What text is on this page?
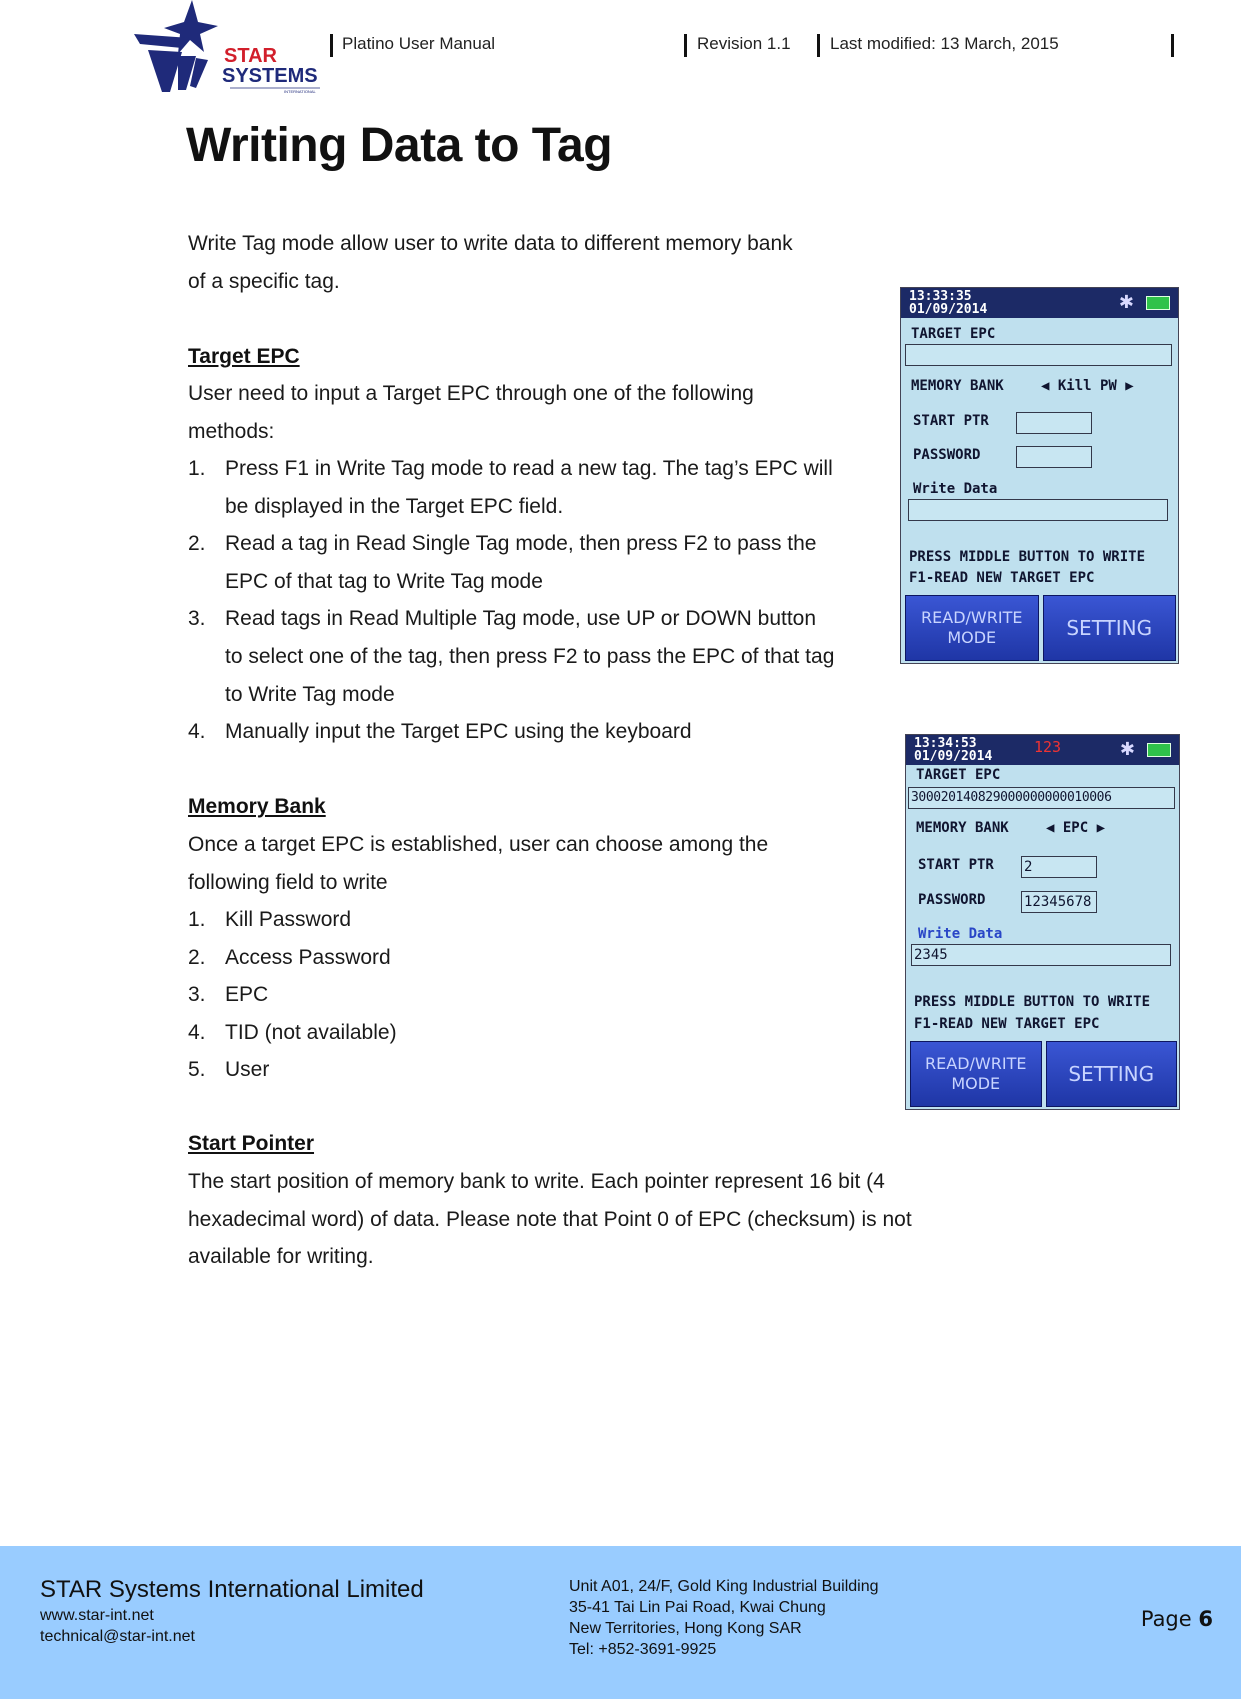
STAR
SYSTEMS
INTERNATIONAL
Platino User Manual	Revision 1.1 Last modified: 13 March, 2015
Writing Data to Tag
Write Tag mode allow user to write data to different memory bank
of a specific tag.
Target EPC
User need to input a Target EPC through one of the following
methods:
1. Press F1 in Write Tag mode to read a new tag. The tag’s EPC will
be displayed in the Target EPC field.
2. Read a tag in Read Single Tag mode, then press F2 to pass the
EPC of that tag to Write Tag mode
3. Read tags in Read Multiple Tag mode, use UP or DOWN button
to select one of the tag, then press F2 to pass the EPC of that tag
to Write Tag mode
4. Manually input the Target EPC using the keyboard
Memory Bank
Once a target EPC is established, user can choose among the
following field to write
1. Kill Password
2. Access Password
3. EPC
4. TID (not available)
5. User
Start Pointer
The start position of memory bank to write. Each pointer represent 16 bit (4
hexadecimal word) of data. Please note that Point 0 of EPC (checksum) is not
available for writing.
13:33:35
01/09/2014	✱
TARGET EPC
MEMORY BANK	◀ Kill PW ▶
START PTR
PASSWORD
Write Data
PRESS MIDDLE BUTTON TO WRITE
F1-READ NEW TARGET EPC
READ/WRITE
MODE	SETTING
13:34:53
01/09/2014
123	✱
TARGET EPC
300020140829000000000010006
MEMORY BANK	◀ EPC ▶
START PTR 2
PASSWORD	12345678
Write Data
2345
PRESS MIDDLE BUTTON TO WRITE
F1-READ NEW TARGET EPC
READ/WRITE
MODE	SETTING
STAR Systems International Limited
www.star-int.net
technical@star-int.net
Unit A01, 24/F, Gold King Industrial Building
35-41 Tai Lin Pai Road, Kwai Chung
New Territories, Hong Kong SAR
Tel: +852-3691-9925
Page 6
